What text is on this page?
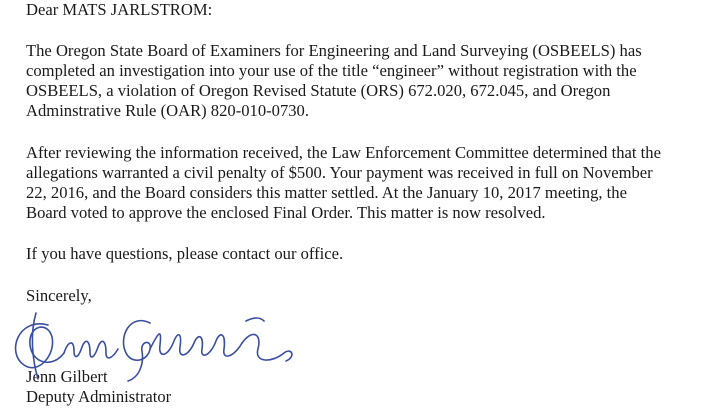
Dear MATS JARLSTROM:
The Oregon State Board of Examiners for Engineering and Land Surveying (OSBEELS) has
completed an investigation into your use of the title “engineer” without registration with the
OSBEELS, a violation of Oregon Revised Statute (ORS) 672.020, 672.045, and Oregon
Adminstrative Rule (OAR) 820-010-0730.
After reviewing the information received, the Law Enforcement Committee determined that the
allegations warranted a civil penalty of $500. Your payment was received in full on November
22, 2016, and the Board considers this matter settled. At the January 10, 2017 meeting, the
Board voted to approve the enclosed Final Order. This matter is now resolved.
If you have questions, please contact our office.
Sincerely,
Jenn Gilbert
Deputy Administrator
